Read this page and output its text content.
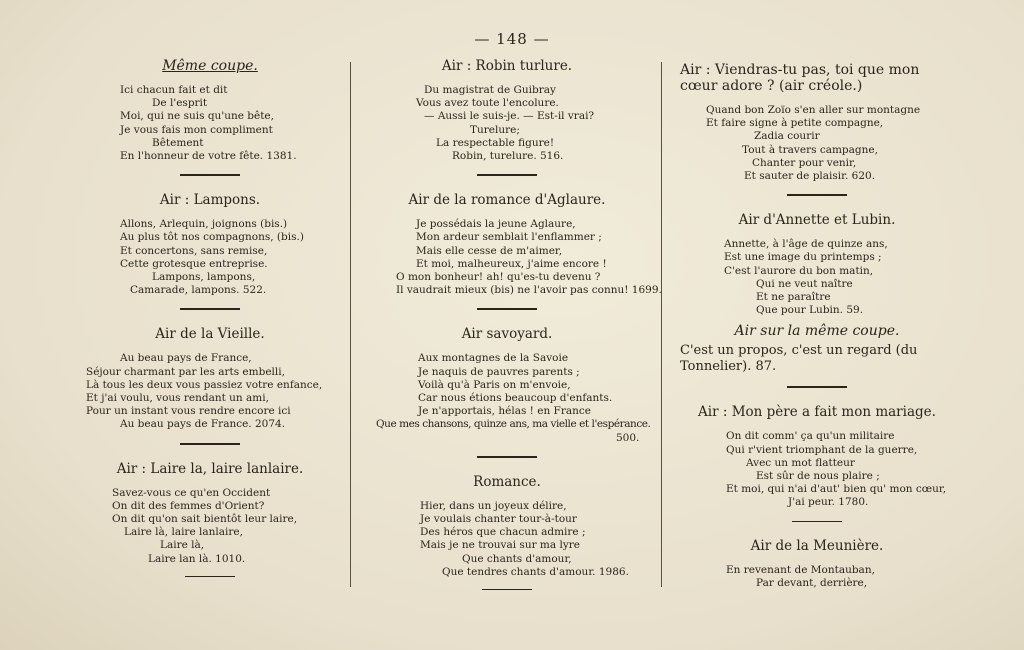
— 148 —
Même coupe.
Ici chacun fait et dit
De l'esprit
Moi, qui ne suis qu'une bête,
Je vous fais mon compliment
Bêtement
En l'honneur de votre fête. 1381.
Air : Lampons.
Allons, Arlequin, joignons (bis.)
Au plus tôt nos compagnons, (bis.)
Et concertons, sans remise,
Cette grotesque entreprise.
Lampons, lampons,
Camarade, lampons. 522.
Air de la Vieille.
Au beau pays de France,
Séjour charmant par les arts embelli,
Là tous les deux vous passiez votre enfance,
Et j'ai voulu, vous rendant un ami,
Pour un instant vous rendre encore ici
Au beau pays de France. 2074.
Air : Laire la, laire lanlaire.
Savez-vous ce qu'en Occident
On dit des femmes d'Orient?
On dit qu'on sait bientôt leur laire,
Laire là, laire lanlaire,
Laire là,
Laire lan là. 1010.
Air : Robin turlure.
Du magistrat de Guibray
Vous avez toute l'encolure.
— Aussi le suis-je. — Est-il vrai?
Turelure;
La respectable figure!
Robin, turelure. 516.
Air de la romance d'Aglaure.
Je possédais la jeune Aglaure,
Mon ardeur semblait l'enflammer ;
Mais elle cesse de m'aimer,
Et moi, malheureux, j'aime encore !
O mon bonheur! ah! qu'es-tu devenu ?
Il vaudrait mieux (bis) ne l'avoir pas connu! 1699.
Air savoyard.
Aux montagnes de la Savoie
Je naquis de pauvres parents ;
Voilà qu'à Paris on m'envoie,
Car nous étions beaucoup d'enfants.
Je n'apportais, hélas ! en France
Que mes chansons, quinze ans, ma vielle et l'espérance.
500.
Romance.
Hier, dans un joyeux délire,
Je voulais chanter tour-à-tour
Des héros que chacun admire ;
Mais je ne trouvai sur ma lyre
Que chants d'amour,
Que tendres chants d'amour. 1986.
Air : Viendras-tu pas, toi que mon cœur adore ? (air créole.)
Quand bon Zoïo s'en aller sur montagne
Et faire signe à petite compagne,
Zadia courir
Tout à travers campagne,
Chanter pour venir,
Et sauter de plaisir. 620.
Air d'Annette et Lubin.
Annette, à l'âge de quinze ans,
Est une image du printemps ;
C'est l'aurore du bon matin,
Qui ne veut naître
Et ne paraître
Que pour Lubin. 59.
Air sur la même coupe.
C'est un propos, c'est un regard (du Tonnelier). 87.
Air : Mon père a fait mon mariage.
On dit comm' ça qu'un militaire
Qui r'vient triomphant de la guerre,
Avec un mot flatteur
Est sûr de nous plaire ;
Et moi, qui n'ai d'aut' bien qu' mon cœur,
J'ai peur. 1780.
Air de la Meunière.
En revenant de Montauban,
Par devant, derrière,
